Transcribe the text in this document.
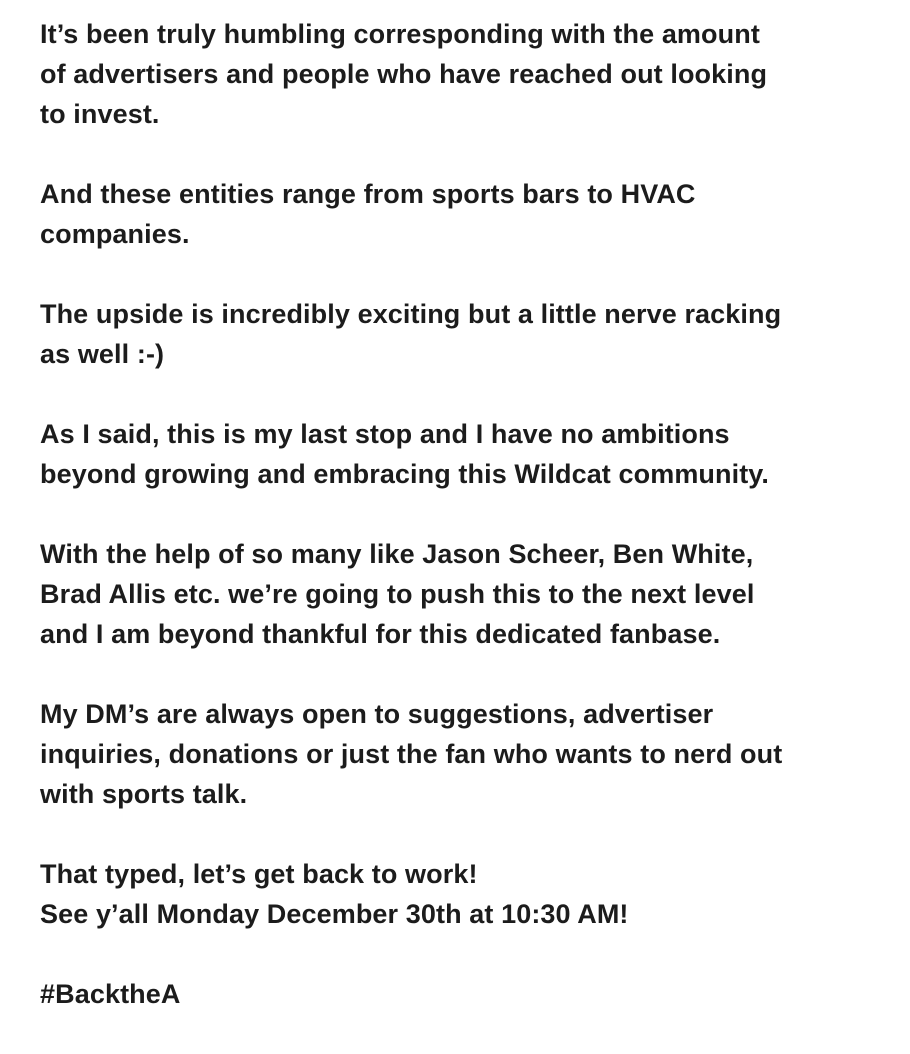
It’s been truly humbling corresponding with the amount
of advertisers and people who have reached out looking
to invest.

And these entities range from sports bars to HVAC
companies.

The upside is incredibly exciting but a little nerve racking
as well :-)

As I said, this is my last stop and I have no ambitions
beyond growing and embracing this Wildcat community.

With the help of so many like Jason Scheer, Ben White,
Brad Allis etc. we’re going to push this to the next level
and I am beyond thankful for this dedicated fanbase.

My DM’s are always open to suggestions, advertiser
inquiries, donations or just the fan who wants to nerd out
with sports talk.

That typed, let’s get back to work!
See y’all Monday December 30th at 10:30 AM!

#BacktheA
